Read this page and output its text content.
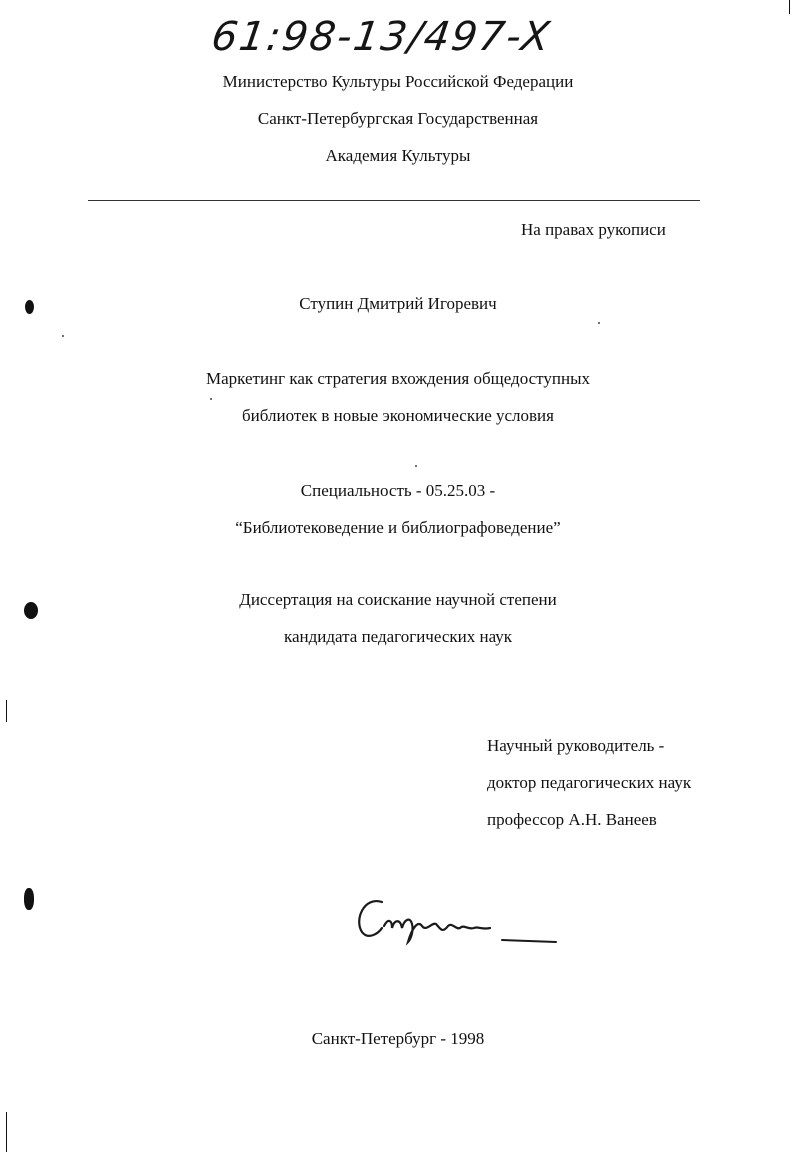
61:98-13/497-X
Министерство Культуры Российской Федерации
Санкт-Петербургская Государственная
Академия Культуры
На правах рукописи
Ступин Дмитрий Игоревич
Маркетинг как стратегия вхождения общедоступных
библиотек в новые экономические условия
Специальность - 05.25.03 -
“Библиотековедение и библиографоведение”
Диссертация на соискание научной степени
кандидата педагогических наук
Научный руководитель -
доктор педагогических наук
профессор А.Н. Ванеев
Санкт-Петербург - 1998
